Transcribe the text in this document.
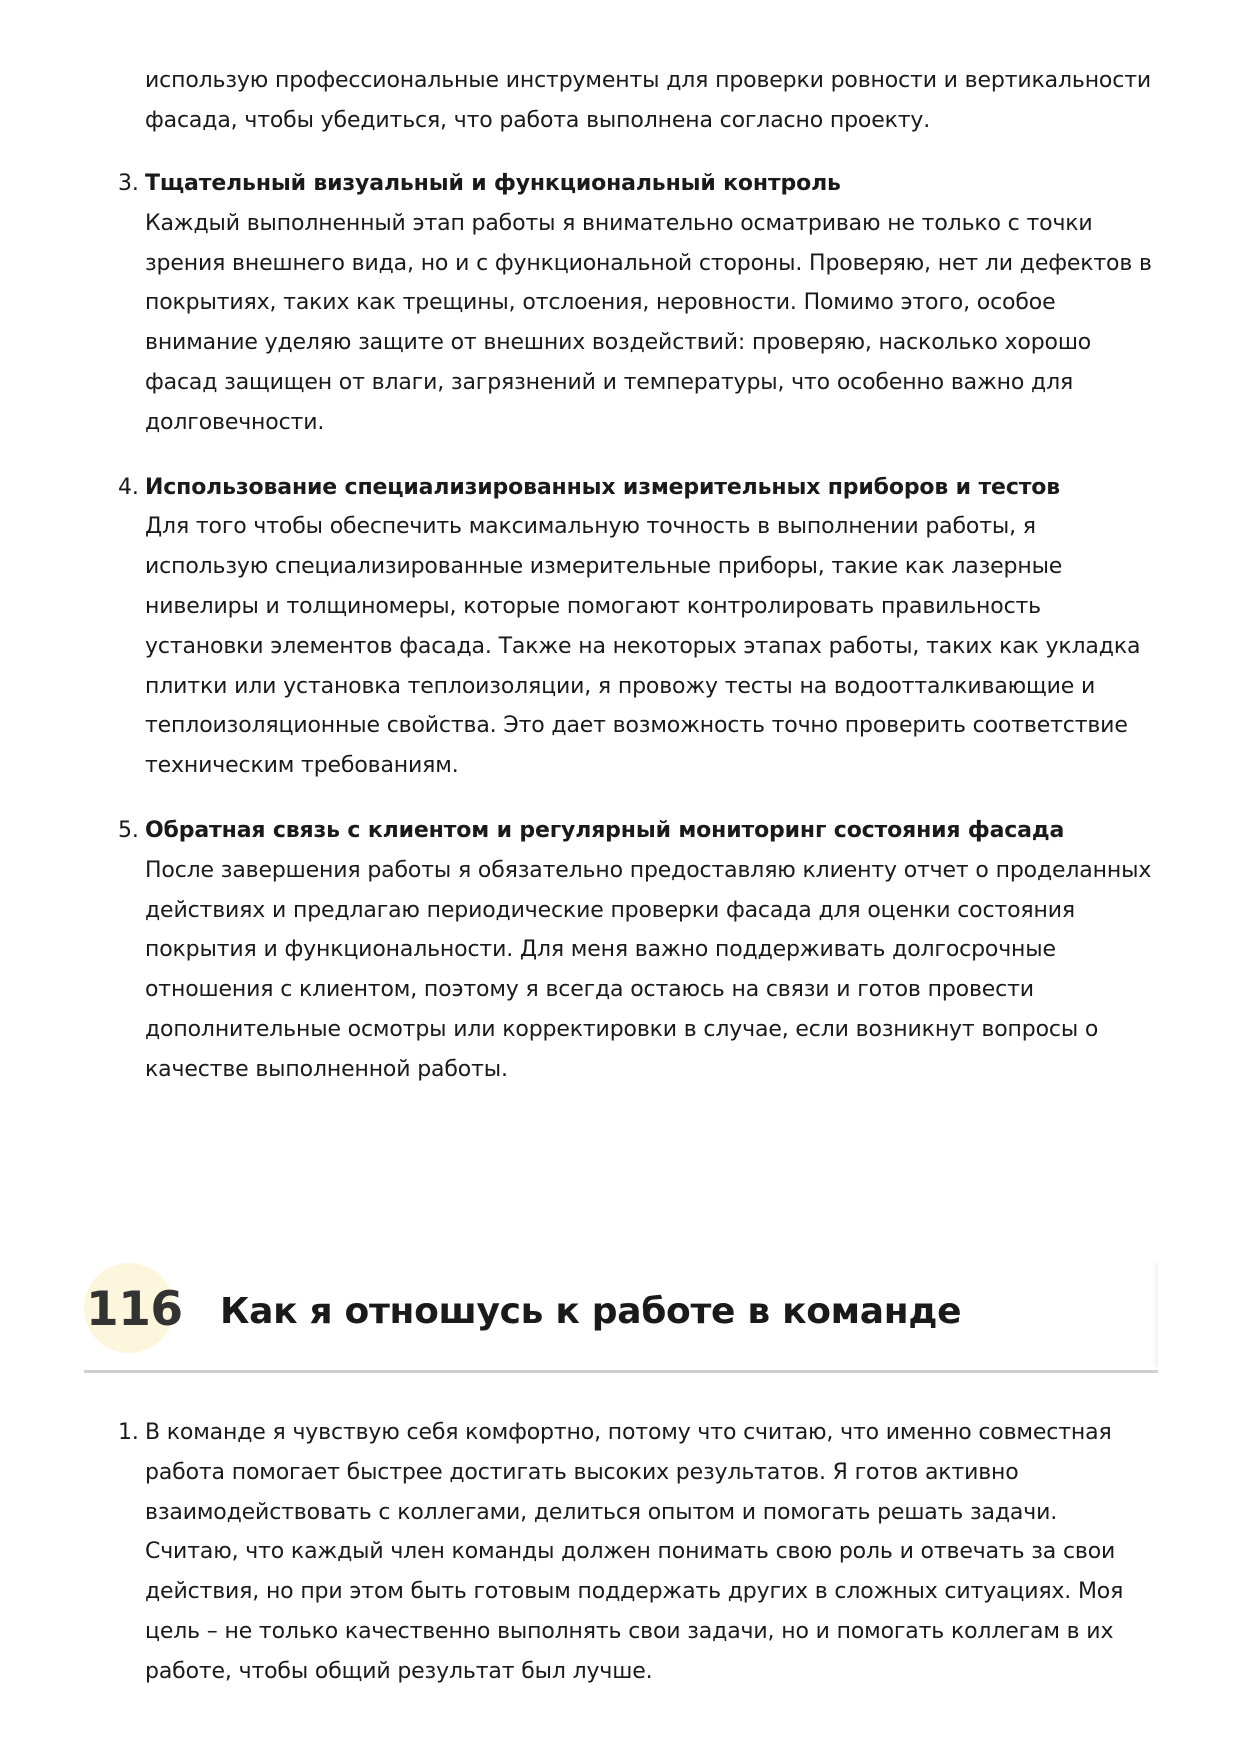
использую профессиональные инструменты для проверки ровности и вертикальности фасада, чтобы убедиться, что работа выполнена согласно проекту.
3. Тщательный визуальный и функциональный контроль
Каждый выполненный этап работы я внимательно осматриваю не только с точки зрения внешнего вида, но и с функциональной стороны. Проверяю, нет ли дефектов в покрытиях, таких как трещины, отслоения, неровности. Помимо этого, особое внимание уделяю защите от внешних воздействий: проверяю, насколько хорошо фасад защищен от влаги, загрязнений и температуры, что особенно важно для долговечности.
4. Использование специализированных измерительных приборов и тестов
Для того чтобы обеспечить максимальную точность в выполнении работы, я использую специализированные измерительные приборы, такие как лазерные нивелиры и толщиномеры, которые помогают контролировать правильность установки элементов фасада. Также на некоторых этапах работы, таких как укладка плитки или установка теплоизоляции, я провожу тесты на водоотталкивающие и теплоизоляционные свойства. Это дает возможность точно проверить соответствие техническим требованиям.
5. Обратная связь с клиентом и регулярный мониторинг состояния фасада
После завершения работы я обязательно предоставляю клиенту отчет о проделанных действиях и предлагаю периодические проверки фасада для оценки состояния покрытия и функциональности. Для меня важно поддерживать долгосрочные отношения с клиентом, поэтому я всегда остаюсь на связи и готов провести дополнительные осмотры или корректировки в случае, если возникнут вопросы о качестве выполненной работы.
116 Как я отношусь к работе в команде
1. В команде я чувствую себя комфортно, потому что считаю, что именно совместная работа помогает быстрее достигать высоких результатов. Я готов активно взаимодействовать с коллегами, делиться опытом и помогать решать задачи. Считаю, что каждый член команды должен понимать свою роль и отвечать за свои действия, но при этом быть готовым поддержать других в сложных ситуациях. Моя цель – не только качественно выполнять свои задачи, но и помогать коллегам в их работе, чтобы общий результат был лучше.
